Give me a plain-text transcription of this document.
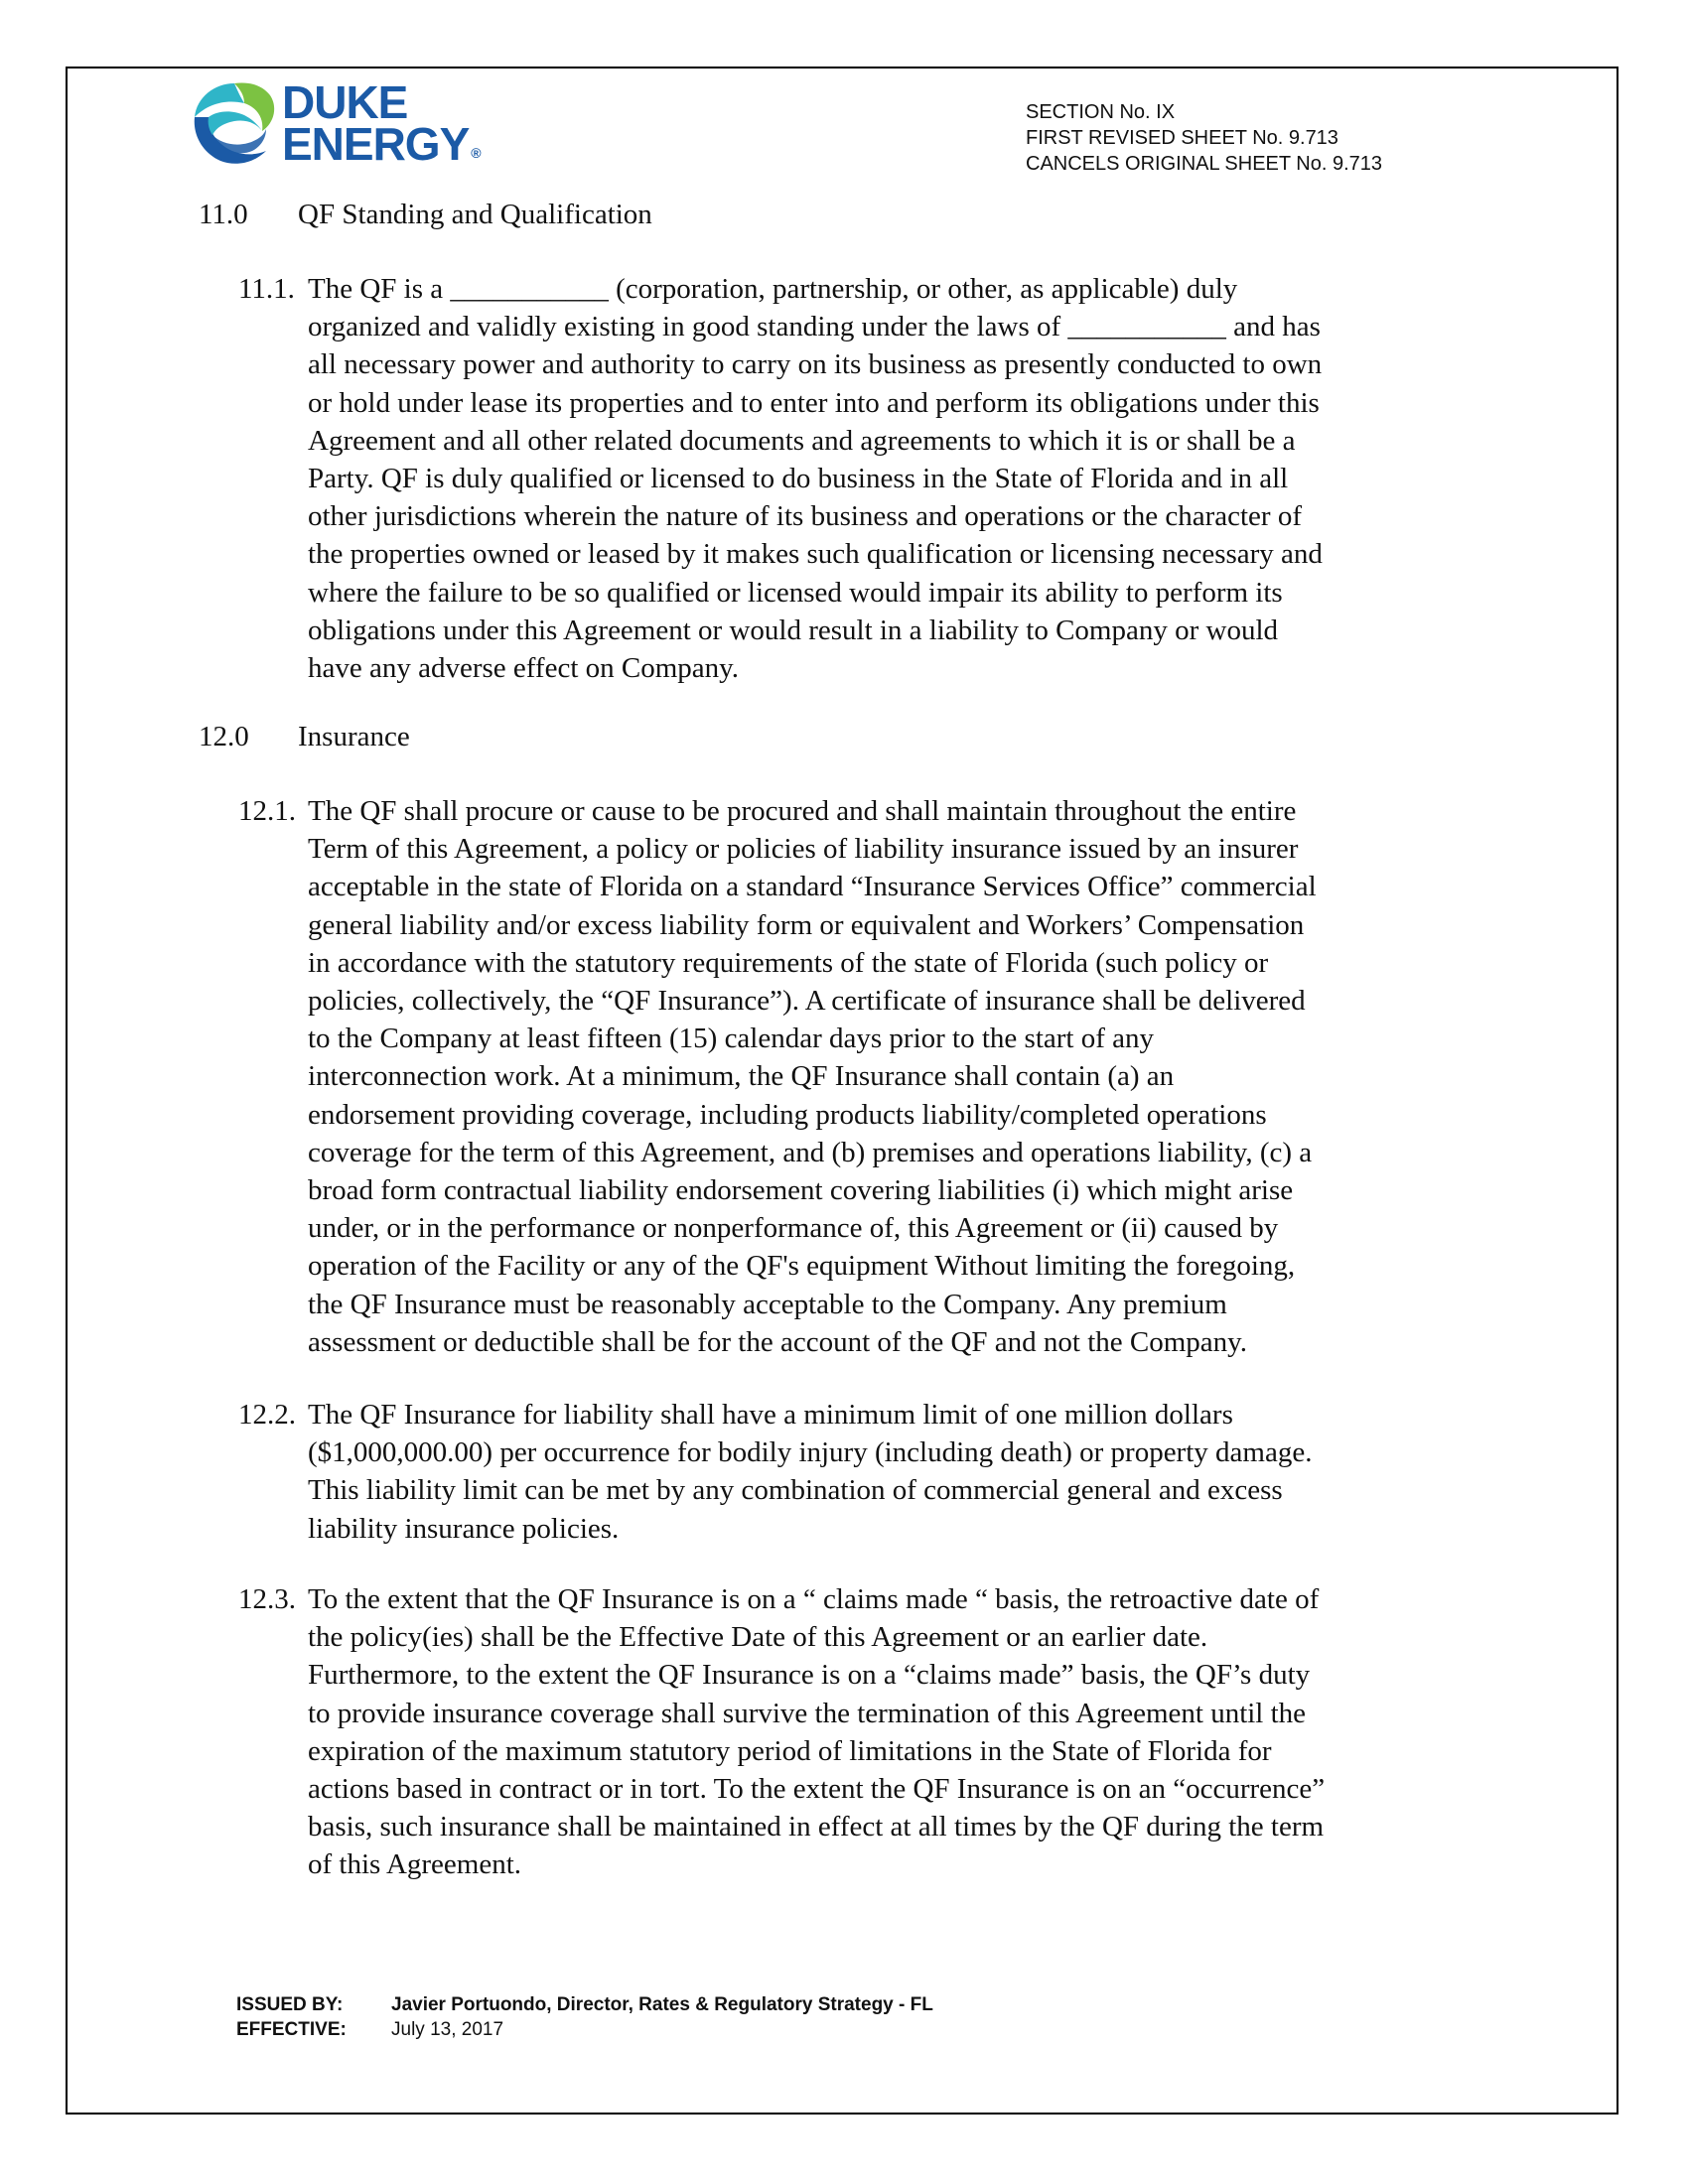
DUKE
ENERGY ®
SECTION No. IX
FIRST REVISED SHEET No. 9.713
CANCELS ORIGINAL SHEET No. 9.713
11.0 QF Standing and Qualification
11.1. The QF is a ___________ (corporation, partnership, or other, as applicable) duly
organized and validly existing in good standing under the laws of ___________ and has
all necessary power and authority to carry on its business as presently conducted to own
or hold under lease its properties and to enter into and perform its obligations under this
Agreement and all other related documents and agreements to which it is or shall be a
Party. QF is duly qualified or licensed to do business in the State of Florida and in all
other jurisdictions wherein the nature of its business and operations or the character of
the properties owned or leased by it makes such qualification or licensing necessary and
where the failure to be so qualified or licensed would impair its ability to perform its
obligations under this Agreement or would result in a liability to Company or would
have any adverse effect on Company.
12.0 Insurance
12.1. The QF shall procure or cause to be procured and shall maintain throughout the entire
Term of this Agreement, a policy or policies of liability insurance issued by an insurer
acceptable in the state of Florida on a standard “Insurance Services Office” commercial
general liability and/or excess liability form or equivalent and Workers’ Compensation
in accordance with the statutory requirements of the state of Florida (such policy or
policies, collectively, the “QF Insurance”). A certificate of insurance shall be delivered
to the Company at least fifteen (15) calendar days prior to the start of any
interconnection work. At a minimum, the QF Insurance shall contain (a) an
endorsement providing coverage, including products liability/completed operations
coverage for the term of this Agreement, and (b) premises and operations liability, (c) a
broad form contractual liability endorsement covering liabilities (i) which might arise
under, or in the performance or nonperformance of, this Agreement or (ii) caused by
operation of the Facility or any of the QF's equipment Without limiting the foregoing,
the QF Insurance must be reasonably acceptable to the Company. Any premium
assessment or deductible shall be for the account of the QF and not the Company.
12.2. The QF Insurance for liability shall have a minimum limit of one million dollars
($1,000,000.00) per occurrence for bodily injury (including death) or property damage.
This liability limit can be met by any combination of commercial general and excess
liability insurance policies.
12.3. To the extent that the QF Insurance is on a “ claims made “ basis, the retroactive date of
the policy(ies) shall be the Effective Date of this Agreement or an earlier date.
Furthermore, to the extent the QF Insurance is on a “claims made” basis, the QF’s duty
to provide insurance coverage shall survive the termination of this Agreement until the
expiration of the maximum statutory period of limitations in the State of Florida for
actions based in contract or in tort. To the extent the QF Insurance is on an “occurrence”
basis, such insurance shall be maintained in effect at all times by the QF during the term
of this Agreement.
ISSUED BY:	Javier Portuondo, Director, Rates & Regulatory Strategy - FL
EFFECTIVE: July 13, 2017
